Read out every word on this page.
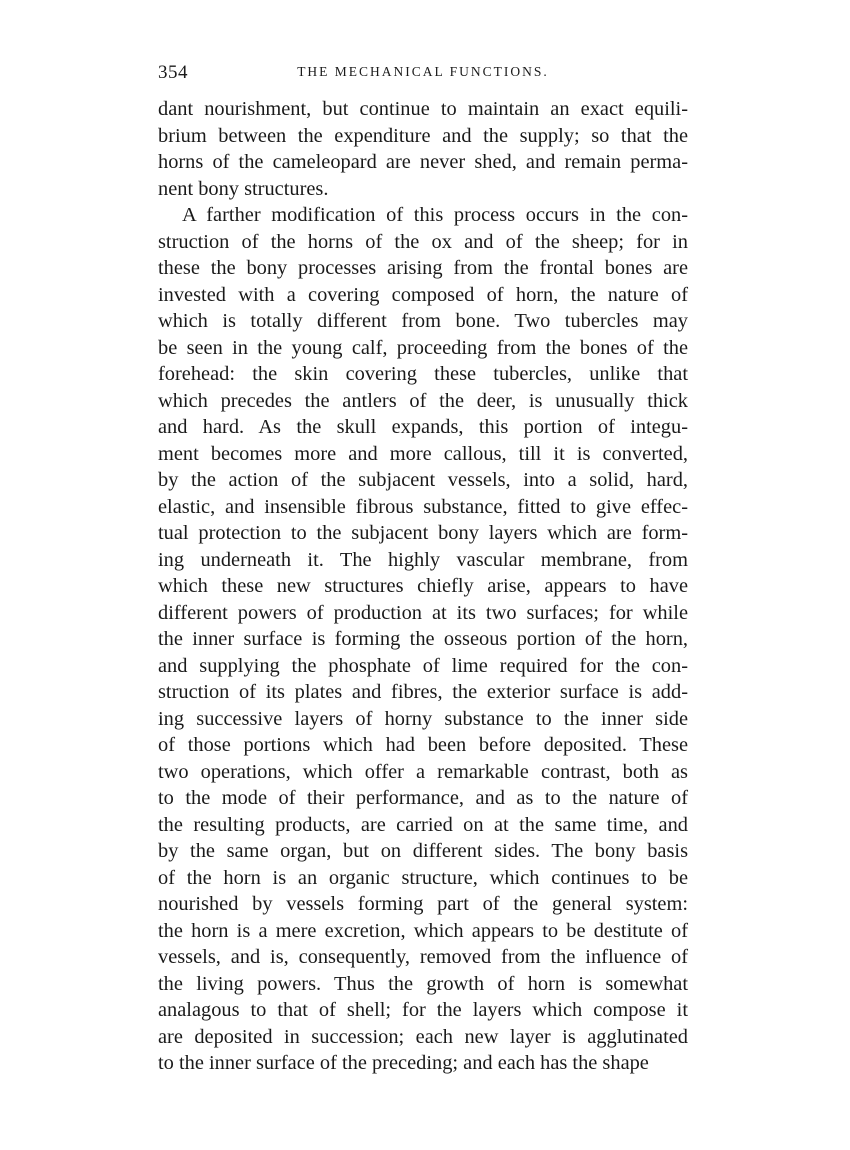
354	THE MECHANICAL FUNCTIONS.
dant nourishment, but continue to maintain an exact equili-
brium between the expenditure and the supply; so that the
horns of the cameleopard are never shed, and remain perma-
nent bony structures.
A farther modification of this process occurs in the con-
struction of the horns of the ox and of the sheep; for in
these the bony processes arising from the frontal bones are
invested with a covering composed of horn, the nature of
which is totally different from bone. Two tubercles may
be seen in the young calf, proceeding from the bones of the
forehead: the skin covering these tubercles, unlike that
which precedes the antlers of the deer, is unusually thick
and hard. As the skull expands, this portion of integu-
ment becomes more and more callous, till it is converted,
by the action of the subjacent vessels, into a solid, hard,
elastic, and insensible fibrous substance, fitted to give effec-
tual protection to the subjacent bony layers which are form-
ing underneath it. The highly vascular membrane, from
which these new structures chiefly arise, appears to have
different powers of production at its two surfaces; for while
the inner surface is forming the osseous portion of the horn,
and supplying the phosphate of lime required for the con-
struction of its plates and fibres, the exterior surface is add-
ing successive layers of horny substance to the inner side
of those portions which had been before deposited. These
two operations, which offer a remarkable contrast, both as
to the mode of their performance, and as to the nature of
the resulting products, are carried on at the same time, and
by the same organ, but on different sides. The bony basis
of the horn is an organic structure, which continues to be
nourished by vessels forming part of the general system:
the horn is a mere excretion, which appears to be destitute of
vessels, and is, consequently, removed from the influence of
the living powers. Thus the growth of horn is somewhat
analagous to that of shell; for the layers which compose it
are deposited in succession; each new layer is agglutinated
to the inner surface of the preceding; and each has the shape
